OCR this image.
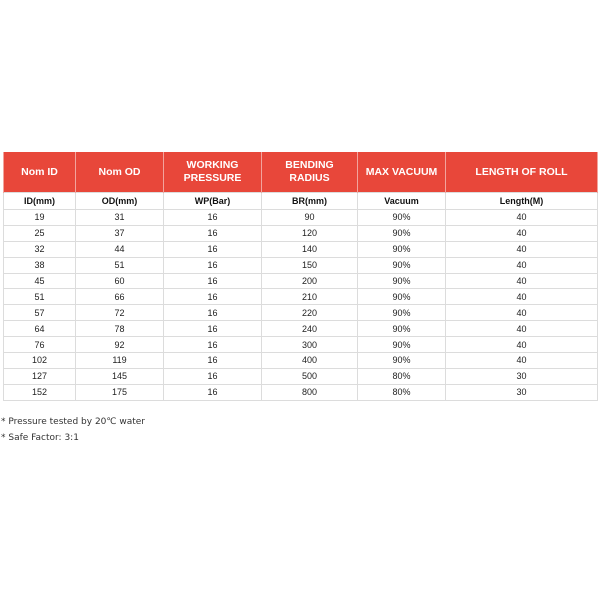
Nom ID	Nom OD	WORKING PRESSURE	BENDING RADIUS	MAX VACUUM	LENGTH OF ROLL
ID(mm)	OD(mm)	WP(Bar)	BR(mm)	Vacuum	Length(M)
19	31	16	90	90%	40
25	37	16	120	90%	40
32	44	16	140	90%	40
38	51	16	150	90%	40
45	60	16	200	90%	40
51	66	16	210	90%	40
57	72	16	220	90%	40
64	78	16	240	90%	40
76	92	16	300	90%	40
102	119	16	400	90%	40
127	145	16	500	80%	30
152	175	16	800	80%	30
* Pressure tested by 20℃ water
* Safe Factor: 3:1
